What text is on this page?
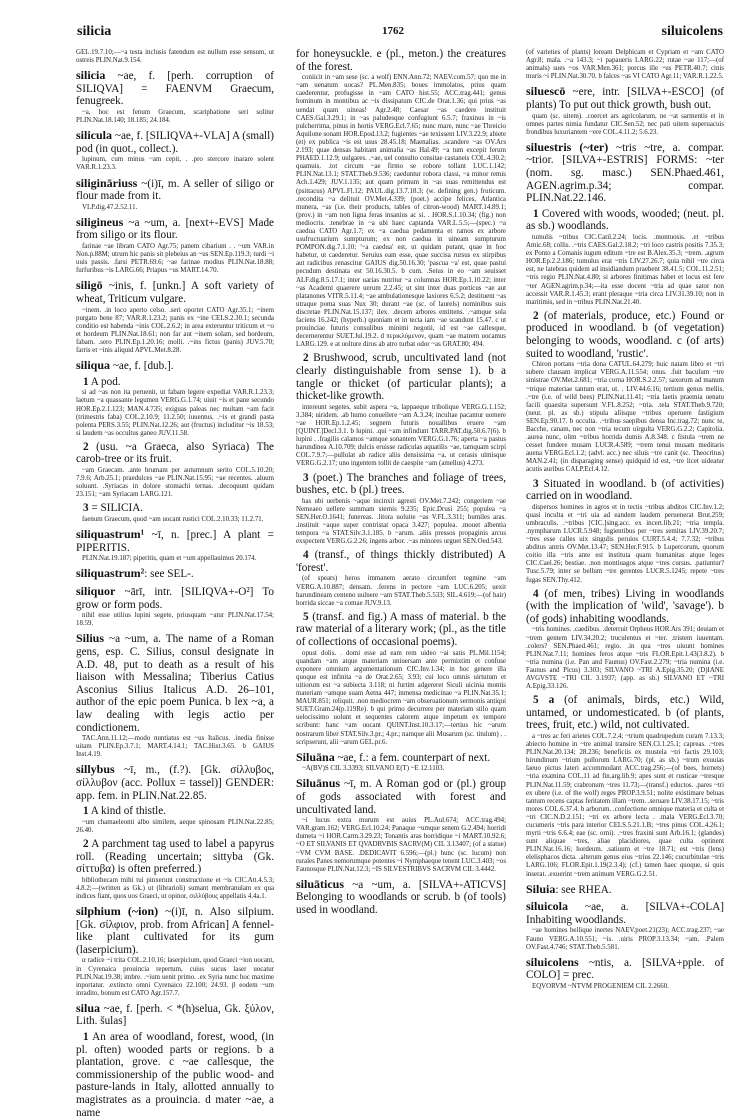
silicia	1762	siluicolens
GEL.19.7.10;—~a testa inclusis fatendum est nullum esse sensum, ut ostreis PLIN.Nat.9.154.
silicia ~ae, f. [perh. corruption of SILIQVA] = FAENVM Graecum, fenugreek.
~a, hoc est fenum Graecum, scariphatione seri solitur PLIN.Nat.18.140; 18.185; 24.184.
silicula ~ae, f. [SILIQVA+-VLA] A (small) pod (in quot., collect.).
lupinum, cum minus ~am cepit, . .pro stercore inarare solent VAR.R.1.23.3.
siligināriuss ~(i)ī, m. A seller of siligo or flour made from it.
VLP.dig.47.2.52.11.
siligineus ~a ~um, a. [next+-EVS] Made from siligo or its flour.
farinae ~ae libram CATO Agr.75; panem cibarium . . ~um VAR.in Non.p.88M; utrum hic panis sit plebeius an ~us SEN.Ep.119.3; turdi ~i uuis passis. .farsi PETR.69.6; ~ae farinae modius PLIN.Nat.18.88; furfuribus ~is LARG.66; Priapus ~us MART.14.70.
siligō ~inis, f. [unkn.] A soft variety of wheat, Triticum vulgare.
~inem. .in loco aperto celso. .seri oportet CATO Agr.35.1; ~inem purgato bene 87; VAR.R.1.23.2; panis ex ~ine CELS.2.30.1; secunda conditio est habenda ~inis COL.2.6.2; in area exteruntur triticum et ~o et hordeum PLIN.Nat.18.61; non far aut ~inem solam, sed hordeum, fabam. .sero PLIN.Ep.1.20.16; molli. .~ins fictus (panis) JUV.5.70; farris et ~inis aliquid APVL.Met.8.28.
siliqua ~ae, f. [dub.].
1 A pod.
si ad ~as non ita peruenit, ut fabam legere expediat VAR.R.1.23.3; laetum ~a quassante legumen VERG.G.1.74; uiuit ~is et pane secundo HOR.Ep.2.1.123; MAN.4.735; exiguas paleas nec multam ~am facit (trimestris faba) COL.2.10.9; 11.2.50; iuuentus. .~is et grandi pasta polenta PERS.3.55; PLIN.Nat.12.26; aut (fructus) includitur ~is 18.53; si laudem ~as occultus ganeo JUV.11.58.
2 (usu. ~a Graeca, also Syriaca) The carob-tree or its fruit.
~am Graecam. .ante brumam per autumnum serito COL.5.10.20; 7.9.6; Arb.25.1; praedulces ~ae PLIN.Nat.15.95; ~ae recentes. .aluum soluunt. .Syriacas in dolore stomachi ternas. .decoquunt quidam 23.151; ~am Syriacam LARG.121.
3 = SILICIA.
faenum Graecum, quod ~am uocant rustici COL.2.10.33; 11.2.71.
siliquastrum¹ ~ī, n. [prec.] A plant = PIPERITIS.
PLIN.Nat.19.187; piperitis, quam et ~um appellauimus 20.174.
siliquastrum²: see SEL-.
siliquor ~ārī, intr. [SILIQVA+-O²] To grow or form pods.
nihil esse utilius lupini segete, priusquam ~atur PLIN.Nat.17.54; 18.59.
Silius ~a ~um, a. The name of a Roman gens, esp. C. Silius, consul designate in A.D. 48, put to death as a result of his liaison with Messalina; Tiberius Catius Asconius Silius Italicus A.D. 26–101, author of the epic poem Punica. b lex ~a, a law dealing with legis actio per condictionem.
TAC.Ann.11.12;—modo nuntiatus est ~us Italicus. .inedia finisse uitam PLIN.Ep.3.7.1; MART.4.14.1; TAC.Hist.3.65. b GAIUS Inst.4.19.
sillybus ~ī, m., (f.?). [Gk. σίλλυβος, σίλλυβον (acc. Pollux = tassel)] GENDER: app. fem. in PLIN.Nat.22.85.
1 A kind of thistle.
~um chamaeleonti albo similem, aeque spinosam PLIN.Nat.22.85; 26.40.
2 A parchment tag used to label a papyrus roll. (Reading uncertain; sittyba (Gk. σίττυβα) is often preferred.)
bibliothecam mihi tui pinxerunt constructione et ~is CIC.Att.4.5.3; 4.8.2;—(written as Gk.) ut (librarioli) sumant membranulam ex qua indices fiant, quos uos Graeci, ut opinor, σιλλύβους appellatis 4.4a.1.
silphium (~ion) ~(i)ī, n. Also silpium. [Gk. σίλφιον, prob. from African] A fennel-like plant cultivated for its gum (laserpicium).
α radice ~i trita COL.2.10.16; laserpicium, quod Graeci ~ion uocant, in Cyrenaica prouincia repertum, cuius sucus laser uocatur PLIN.Nat.19.38; imbre. .~ium uenit primo. .ex Syria nunc hoc maxime inportatur. .extincto omni Cyrenaico 22.100; 24.93. β eodem ~um inradito, bonum est CATO Agr.157.7.
silua ~ae, f. [perh. < *(h)selua, Gk. ξύλον, Lith. šulas]
1 An area of woodland, forest, wood, (in pl. often) wooded parts or regions. b a plantation, grove. c ~ae callesque, the commissionership of the public wood- and pasture-lands in Italy, allotted annually to magistrates as a prouincia. d mater ~ae, a name
for honeysuckle. e (pl., meton.) the creatures of the forest.
coniicit in ~am sese (sc. a wolf) ENN.Ann.72; NAEV.com.57; quo me in ~am uenatum uocas? PL.Men.835; boues immolatos, prius quam caederentur, profugisse in ~am CATO hist.55; ACC.trag.441; genus hominum in montibus ac ~is dissipatum CIC.de Orat.1.36; qui prius ~as uendat quam uineas! Agr.2.48; Caesar ~as caedere instituit CAES.Gal.3.29.1; in ~as paludesque confugiunt 6.5.7; fraxinus in ~is pulcherrima, pinus in hortis VERG.Ecl.7.65; nunc mare, nunc ~ae Threicio Aquilone sonant HOR.Epod.13.2; fugientes ~ae texissent LIV.3.22.9; abiete (et) ex publica ~is est usus 28.45.18; Maenalias. .scandere ~as OV.Ars 2.193; quae densas habitant animalia ~as Hal.49; ~a tum excepit ferum PHAED.1.12.9; uulgares. .~ae, uel consulto consitae castaneis COL.4.30.2; quamuis. .tot circum ~ae firmo se robore tollant LUC.1.142; PLIN.Nat.13.1; STAT.Theb.9.536; caeduntur robora classi, ~a minor remis Ach.1.429; JUV.1.135; aut quam primum in ~as suas remittendus est (psittacus) APVL.Fl.12; PAUL.dig.13.7.18.3; (w. defining gen.) fruticum. .recondita ~a delituit OV.Met.4.339; (poet.) accipe felices, Atlantica munera, ~as (i.e. their products, tables of citron-wood) MART.14.89.1; (prov.) in ~am non ligna feras insanius ac si. . HOR.S.1.10.34; (fig.) non mediocris. .tenebrae in ~a ubi haec captanda VAR.L.5.5;—(spec.) ~a caedua CATO Agr.1.7; ex ~a caedua pedamenta et ramos ex arbore usufructuarium sumpturum; ex non caedua in uineam sumpturum POMPON.dig.7.1.10; '~a caedua' est, ut quidam putant, quae in hoc habetur, ut caederetur. Seruius eam esse, quae succisa rursus ex stirpibus aut radicibus renascitur GAIUS dig.50.16.30; 'pascua ~a' est, quae pastui pecudum destinata est 50.16.30.5. b cum. .Seius in eo ~am seuisset ALF.dig.8.5.17.1; inter uarias nutritur ~a columnas HOR.Ep.1.10.22; inter ~as Academi quaerere uerum 2.2.45; ut sint inter duas porticus ~ae aut platanones VITR.5.11.4; ~ae ambulationesque laxiores 6.5.2; destituent ~as utraque poma suas Nux 30; durant ~ae (sc. of laurels) nominibus suis discretae PLIN.Nat.15.137; ilex. .decem arbores emittens. .~amque sola faciens 16.242; (hyperb.) quoniam et in tecta iam ~ae scandunt 15.47. c ut prouinciae futuris consulibus minimi negotii, id est ~ae callesque, decernerentur SUET.Jul.19.2. d περικλύμενον, quam ~ae matrem uocamus LARG.129. e at uolture dirus ab atro turbat odor ~as GRAT.80; 494.
2 Brushwood, scrub, uncultivated land (not clearly distinguishable from sense 1). b a tangle or thicket (of particular plants); a thicket-like growth.
intereunt segetes, subit aspera ~a, lappaeque tribolique VERG.G.1.152; 3.384; uiridem. .ab humo conuellere ~am A.3.24; incultae pacantur uomere ~ae HOR.Ep.1.2.45; segnem futuris nouallibus eruere ~am [QUINT.]Decl.3.1. b lupini. .qui ~am infindunt TARR.PAT.dig.50.6.7(6). b lupini . .fragilis calamos ~amque sonantem VERG.G.1.76; aperta ~a pastus harundinea A.10.709; dulcis eruisse radiculas aquatilis ~ae, tamquam scirpi COL.7.9.7;—pullulat ab radice aliis densissima ~a, ut cerasis ulmisque VERG.G.2.17; uno ingentem tollit de caespite ~am (amellus) 4.273.
3 (poet.) The branches and foliage of trees, bushes, etc. b (pl.) trees.
has ubi uerbenis ~aque incinxit agresti OV.Met.7.242; congeriem ~ae Nemeaeo uellere summam sternis 9.235; Epic.Drusi 255; populea ~a SEN.Her.O.1641; funereas. .litora uoluite ~as V.FL.3.311; humiles aras. .instituit ~aque super contristat opaca 3.427; populea. .mouet albentia tempora ~a STAT.Silv.3.1.185. b ~arum. .aliis pressos propaginis arcus exspectent VERG.G.2.26; ingens arbor. .~as minores urguet SEN.Oed.543.
4 (transf., of things thickly distributed) A 'forest'.
(of spears) heros immanem aerato circumfert tegmine ~am VERG.A.10.887; densam. .ferens in pectore ~am LUC.6.205; uexit harundineam centeno uulnere ~am STAT.Theb.5.533; SIL.4.619;—(of hair) horrida siccae ~a comae JUV.9.13.
5 (transf. and fig.) A mass of material. b the raw material of a literary work; (pl., as the title of collections of occasional poems).
opust dolis. . domi esse ad eam rem uideo ~ai satis PL.Mil.1154; quandam ~am atque materiam uniuersam ante permixtim et confuse exponere omnium argumentationum CIC.Inv.1.34; in hoc genere illa quoque est infinita ~a de Orat.2.65; 3.93; cui loco omnis uirtutum et uitiorum est ~a subiecta 3.118; ni furtim adgereret Siculi uicinia montis materiam ~amque suam Aetna 447; inmensa medicinae ~a PLIN.Nat.35.1; MAUR.851; reliquit. .non mediocrem ~am obseruationum sermonis antiqui SUET.Gram.24(p.119Re). b qui primo decurrere per materiam stilo quam uelocissimo uolunt et sequentes calorem atque impetum ex tempore scribunt: hanc ~am uocant QUINT.Inst.10.3.17;—tertius hic ~arum nostrarum liber STAT.Silv.3.pr.; 4.pr.; namque alii Musarum (sc. titulum) . . scripserunt, alii ~arum GEL.pr.6.
Siluāna ~ae, f.: a fem. counterpart of next.
~A(BV)S CIL 3.3393; SILVANO E(T) ~E 12.1103.
Siluānus ~ī, m. A Roman god or (pl.) group of gods associated with forest and uncultivated land.
~i lucus extra murum est auius PL.Aul.674; ACC.trag.494; VAR.gram.162; VERG.Ecl.10.24; Panaque ~umque senem G.2.494; horridi dumeta ~i HOR.Carm.3.29.23; Tonantis aras horridique ~i MART.10.92.6; ~O ET SILVANIS ET QVADRVBIS SACRV(M) CIL 3.13407; (of a statue) ~VM CVM BASE. .DEDICAVIT 6.596;—(pl.) hunc (sc. lucum) non rurales Panes nemorumque potentes ~i Nymphaeque tenent LUC.3.403; ~os Faunosque PLIN.Nat.12.3; ~IS SILVESTRIBVS SACRVM CIL 3.4442.
siluāticus ~a ~um, a. [SILVA+-ATICVS] Belonging to woodlands or scrub. b (of tools) used in woodland.
(of varieties of plants) loream Delphicam et Cypriam et ~am CATO Agr.8; mala. .~a 143.3; ~i papaueris LARG.22; rutae ~ae 117;—(of animals) sues ~os VAR.Men.361; porcus ille ~us PETR.40.7; cinis muris ~i PLIN.Nat.30.70. b falces ~as VI CATO Agr.11; VAR.R.1.22.5.
siluescō ~ere, intr. [SILVA+-ESCO] (of plants) To put out thick growth, bush out.
quam (sc. uitem). .coercet ars agricolarum, ne ~at sarmentis et in omnes partes nimia fundatur CIC.Sen.52; nec pati uitem superuacuis frondibus luxuriantem ~ere COL.4.11.2; 5.6.23.
siluestris (~ter) ~tris ~tre, a. compar. ~trior. [SILVA+-ESTRIS] FORMS: ~ter (nom. sg. masc.) SEN.Phaed.461, AGEN.agrim.p.34; compar. PLIN.Nat.22.146.
1 Covered with woods, wooded; (neut. pl. as sb.) woodlands.
tumulis ~tribus CIC.Catil.2.24; locis. .montuosis. .et ~tribus Amic.68; collis. .~tris CAES.Gal.2.18.2; ~tri loco castris positis 7.35.3; ex Ponto a Comanis iugum editum ~tre est B.Alex.35.3; ~trem. .agrum HOR.Ep.2.2.186; tumulus erat ~tris LIV.27.26.7; quia nihil ~tre circa est, ne latebras quidem ad insidiandum praebent 38.41.5; COL.11.2.51; ~tris regio PLIN.Nat.4.80; si arbores finitimas habet et locus est fere ~ter AGEN.agrim.p.34;—ita esse docent ~tria ad quae sator non accessit VAR.R.1.45.3; erant pleraque ~tria circa LIV.31.39.10; non in maritimis, sed in ~tribus PLIN.Nat.21.40.
2 (of materials, produce, etc.) Found or produced in woodland. b (of vegetation) belonging to woods, woodland. c (of arts) suited to woodland, 'rustic'.
Chiron portans ~tria dona CATUL.64.279; huic natam libro et ~tri subere clausam implicat VERG.A.11.554; onus. .fuit baculum ~tre sinistrae OV.Met.2.681; ~tria corna HOR.S.2.2.57; saxorum ad manum ~trique materiae tantum erat, ut. . LIV.44.6.16; tertium genus mellis. .~tre (i.e. of wild bees) PLIN.Nat.11.41; ~tria laetis praemia uenatu facili quaesita supersunt V.FL.8.252; ~tria. .tela STAT.Theb.9.720; (neut. pl. as sb.) stipula aliisque ~tribus operuere fastigium SEN.Ep.90.17. b occulta. .~tribus saepibus densa Inc.trag.72; nunc te, Bacche, canam, nec non ~tria tecum uirgulta VERG.G.2.2; Capitolia. .aurea nunc, olim ~tribus horrida dumis A.8.348. c fistula ~trem ne cesset fundere musam LUCR.4.589; ~trem tenui musam meditaris auena VERG.Ecl.1.2; (advl. acc.) nec siluis ~tre canit (sc. Theocritus) MAN.2.41; (in disparaging sense) quidquid id est, ~tre licet uideatur acutis auribus CALP.Ecl.4.12.
3 Situated in woodland. b (of activities) carried on in woodland.
dispersos homines in agros et in tectis ~tribus abditos CIC.Inv.1.2; quasi inculta et ~tri uia ad eandem laudem peruenerat Brut.259; umbraculis. .~tribus [CIC.]sing.acc. ex incert.lib.21; ~tria templa. .nympharum LUCR.5.948; fugientibus per ~tres semitas LIV.39.20.7; ~tres esse calles uix singulis peruios CURT.5.4.4; 7.7.32; ~tribus abditus antris OV.Met.13.47; SEN.Her.F.915. b Lupercorum, quorum coitio illa ~tris ante est instituta quam humanitas atque leges CIC.Cael.26; bestiae. .non montiuagos atque ~tres cursus. .patiuntur? Tusc.5.79; inter se bellum ~tre gerentes LUCR.5.1245; repete ~tres fugas SEN.Thy.412.
4 (of men, tribes) Living in woodlands (with the implication of 'wild', 'savage'). b (of gods) inhabiting woodlands.
~tris homines. .caedibus. .deterruit Orpheus HOR.Ars 391; deuiam et ~trem gentem LIV.34.20.2; truculentus et ~ter. .tristem iuuentam. .colers? SEN.Phaed.461; regio. .in qua ~tres uiuunt homines PLIN.Nat.7.11; homines feros atque ~tris FLOR.Epit.1.43(3.8.2). b ~tria numina (i.e. Pan and Faunus) OV.Fast.2.279; ~tria numina (i.e. Faunus and Picus) 3.303; SILVANO ~TRI A.Epig.35.20; (D)IANE AVGVSTE ~TRI CIL 3.1937; (app. as sb.) SILVANO ET ~TRI A.Epig.33.126.
5 a (of animals, birds, etc.) Wild, untamed, or undomesticated. b (of plants, trees, fruit, etc.) wild, not cultivated.
a ~tres ac feri arietes COL.7.2.4; ~trium quadrupedum curam 7.13.3; abiecto homine in ~tre animal transire SEN.Cl.1.25.1; capreas. .~tres PLIN.Nat.20.134; 28.236; beneficiis ex mustela ~tri factis 29.103; hirundinum ~trium pullorum LARG.70; (pl. as sb.) ~trum exuuias laeuo pictus lateri accommodant ACC.trag.256;—(of bees, hornets) ~tria examina COL.11 ad fin.arg.lib.9; apes sunt et rusticae ~tresque PLIN.Nat.11.59; crabronum ~tres 11.73;—(transf.) eductos. .pares ~tri ex ubere (i.e. of the wolf) reges PROP.3.9.51; nolite existimare beluas tantum recens captas feritatem illam ~trem. .seruare LIV.38.17.15; ~tris mores COL.6.37.4. b arborum. .confectione omnique materia et culta et ~tri CIC.N.D.2.151; ~tri ex arbore lecta . .mala VERG.Ecl.3.70; cucumeris ~tris para interior CELS.5.21.1.B; ~tres pinus COL.4.26.1; myrti ~tris 6.6.4; eae (sc. orni). .~tres fraxini sunt Arb.16.1; (glandes) sunt aliquae ~tres, aliae placidiores, quae culta optinent PLIN.Nat.16.16; hordeum. .satiuum et ~tre 18.71; est ~tris (lens) elelisphacos dicta. .alterum genus eius ~trius 22.146; cucurbitulae ~tris LARG.106; FLOR.Epit.1.19(2.3.4); (cf.) tamen haec quoque, si quis inserat. .exuerint ~trem animum VERG.G.2.51.
Siluia: see RHEA.
siluicola ~ae, a. [SILVA+-COLA] Inhabiting woodlands.
~ae homines bellique inertes NAEV.poet.21(23); ACC.trag.237; ~ae Fauno VERG.A.10.551; ~is. .uiris PROP.3.13.34; ~am. .Palem OV.Fast.4.746; STAT.Theb.5.581.
siluicolens ~ntis, a. [SILVA+pple. of COLO] = prec.
EQVORVM ~NTVM PROGENIEM CIL 2.2660.
